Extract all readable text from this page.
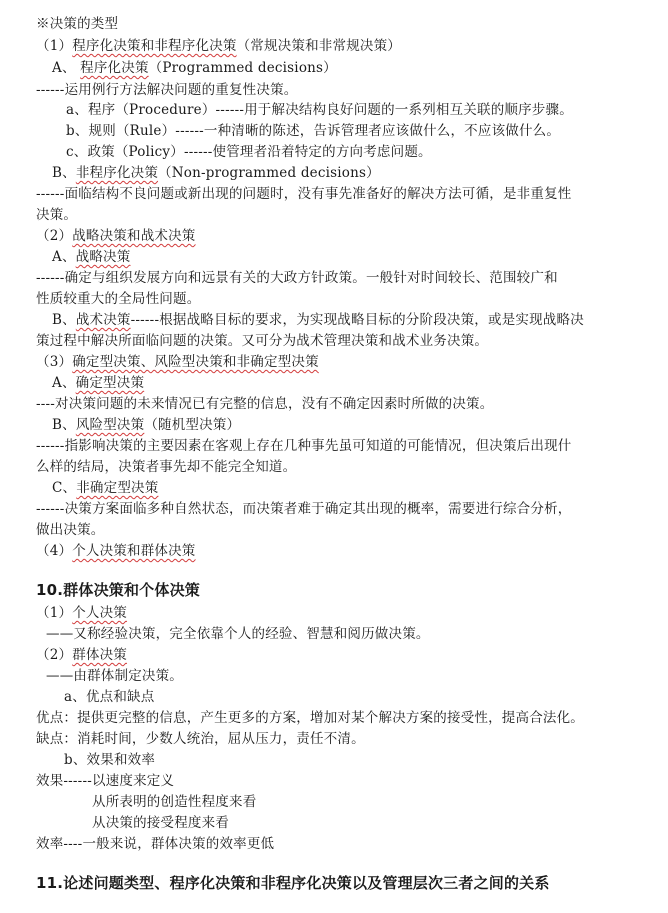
※决策的类型
（1）程序化决策和非程序化决策（常规决策和非常规决策）
A、 程序化决策（Programmed decisions）
------运用例行方法解决问题的重复性决策。
a、程序（Procedure）------用于解决结构良好问题的一系列相互关联的顺序步骤。
b、规则（Rule）------一种清晰的陈述，告诉管理者应该做什么，不应该做什么。
c、政策（Policy）------使管理者沿着特定的方向考虑问题。
B、非程序化决策（Non-programmed decisions）
------面临结构不良问题或新出现的问题时，没有事先准备好的解决方法可循，是非重复性
决策。
（2）战略决策和战术决策
A、战略决策
------确定与组织发展方向和远景有关的大政方针政策。一般针对时间较长、范围较广和
性质较重大的全局性问题。
B、战术决策------根据战略目标的要求，为实现战略目标的分阶段决策，或是实现战略决
策过程中解决所面临问题的决策。又可分为战术管理决策和战术业务决策。
（3）确定型决策、风险型决策和非确定型决策
A、确定型决策
----对决策问题的未来情况已有完整的信息，没有不确定因素时所做的决策。
B、风险型决策（随机型决策）
------指影响决策的主要因素在客观上存在几种事先虽可知道的可能情况，但决策后出现什
么样的结局，决策者事先却不能完全知道。
C、非确定型决策
------决策方案面临多种自然状态，而决策者难于确定其出现的概率，需要进行综合分析，
做出决策。
（4）个人决策和群体决策
10.群体决策和个体决策
（1）个人决策
——又称经验决策，完全依靠个人的经验、智慧和阅历做决策。
（2）群体决策
——由群体制定决策。
a、优点和缺点
优点：提供更完整的信息，产生更多的方案，增加对某个解决方案的接受性，提高合法化。
缺点：消耗时间，少数人统治，屈从压力，责任不清。
b、效果和效率
效果------以速度来定义
从所表明的创造性程度来看
从决策的接受程度来看
效率----一般来说，群体决策的效率更低
11.论述问题类型、程序化决策和非程序化决策以及管理层次三者之间的关系
